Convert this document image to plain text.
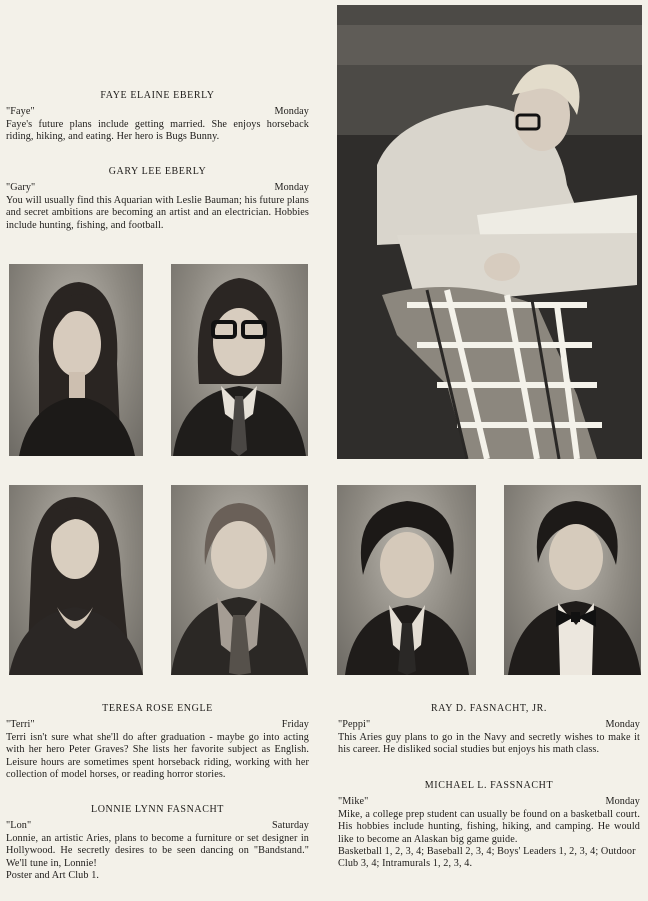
FAYE ELAINE EBERLY
"Faye"	Monday
Faye's future plans include getting married. She enjoys horseback riding, hiking, and eating. Her hero is Bugs Bunny.
GARY LEE EBERLY
"Gary"	Monday
You will usually find this Aquarian with Leslie Bauman; his future plans and secret ambitions are becoming an artist and an electrician. Hobbies include hunting, fishing, and football.
TERESA ROSE ENGLE
"Terri"	Friday
Terri isn't sure what she'll do after graduation - maybe go into acting with her hero Peter Graves? She lists her favorite subject as English. Leisure hours are sometimes spent horseback riding, working with her collection of model horses, or reading horror stories.
LONNIE LYNN FASNACHT
"Lon"	Saturday
Lonnie, an artistic Aries, plans to become a furniture or set designer in Hollywood. He secretly desires to be seen dancing on "Bandstand." We'll tune in, Lonnie!
Poster and Art Club 1.
RAY D. FASNACHT, JR.
"Peppi"	Monday
This Aries guy plans to go in the Navy and secretly wishes to make it his career. He disliked social studies but enjoys his math class.
MICHAEL L. FASSNACHT
"Mike"	Monday
Mike, a college prep student can usually be found on a basketball court. His hobbies include hunting, fishing, hiking, and camping. He would like to become an Alaskan big game guide.
Basketball 1, 2, 3, 4; Baseball 2, 3, 4; Boys' Leaders 1, 2, 3, 4; Outdoor Club 3, 4; Intramurals 1, 2, 3, 4.
